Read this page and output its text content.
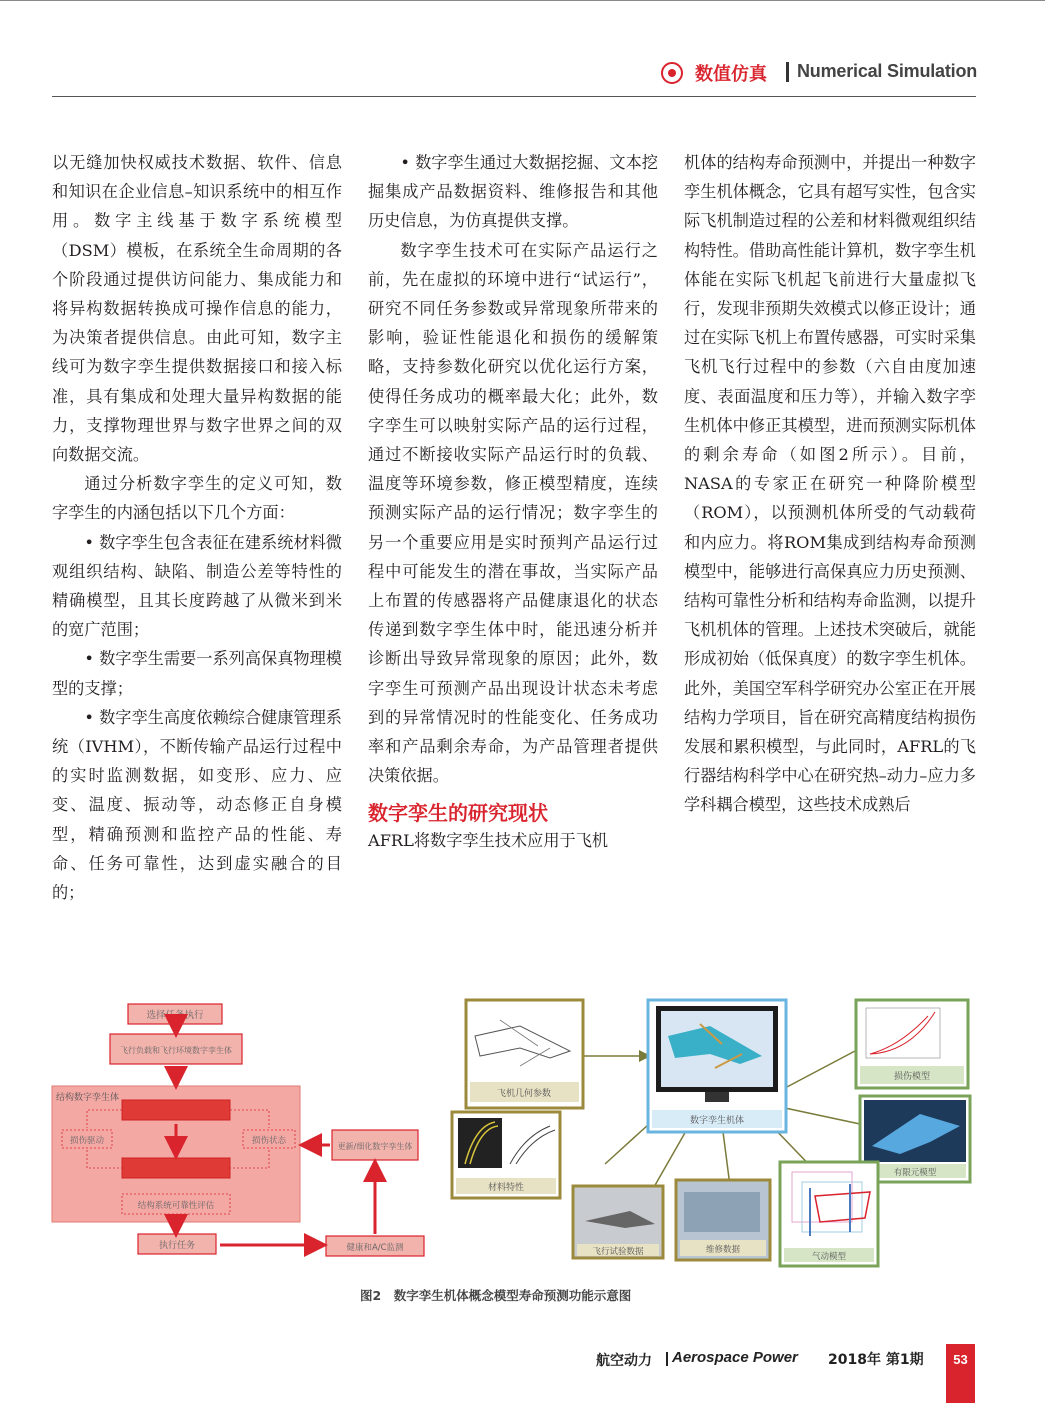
数值仿真 Numerical Simulation

以无缝加快权威技术数据、软件、信息和知识在企业信息–知识系统中的相互作用。数字主线基于数字系统模型（DSM）模板，在系统全生命周期的各个阶段通过提供访问能力、集成能力和将异构数据转换成可操作信息的能力，为决策者提供信息。由此可知，数字主线可为数字孪生提供数据接口和接入标准，具有集成和处理大量异构数据的能力，支撑物理世界与数字世界之间的双向数据交流。

通过分析数字孪生的定义可知，数字孪生的内涵包括以下几个方面：

• 数字孪生包含表征在建系统材料微观组织结构、缺陷、制造公差等特性的精确模型，且其长度跨越了从微米到米的宽广范围；

• 数字孪生需要一系列高保真物理模型的支撑；

• 数字孪生高度依赖综合健康管理系统（IVHM），不断传输产品运行过程中的实时监测数据，如变形、应力、应变、温度、振动等，动态修正自身模型，精确预测和监控产品的性能、寿命、任务可靠性，达到虚实融合的目的；

• 数字孪生通过大数据挖掘、文本挖掘集成产品数据资料、维修报告和其他历史信息，为仿真提供支撑。

数字孪生技术可在实际产品运行之前，先在虚拟的环境中进行“试运行”，研究不同任务参数或异常现象所带来的影响，验证性能退化和损伤的缓解策略，支持参数化研究以优化运行方案，使得任务成功的概率最大化；此外，数字孪生可以映射实际产品的运行过程，通过不断接收实际产品运行时的负载、温度等环境参数，修正模型精度，连续预测实际产品的运行情况；数字孪生的另一个重要应用是实时预判产品运行过程中可能发生的潜在事故，当实际产品上布置的传感器将产品健康退化的状态传递到数字孪生体中时，能迅速分析并诊断出导致异常现象的原因；此外，数字孪生可预测产品出现设计状态未考虑到的异常情况时的性能变化、任务成功率和产品剩余寿命，为产品管理者提供决策依据。

数字孪生的研究现状

AFRL将数字孪生技术应用于飞机

机体的结构寿命预测中，并提出一种数字孪生机体概念，它具有超写实性，包含实际飞机制造过程的公差和材料微观组织结构特性。借助高性能计算机，数字孪生机体能在实际飞机起飞前进行大量虚拟飞行，发现非预期失效模式以修正设计；通过在实际飞机上布置传感器，可实时采集飞机飞行过程中的参数（六自由度加速度、表面温度和压力等），并输入数字孪生机体中修正其模型，进而预测实际机体的剩余寿命（如图2所示）。目前，NASA的专家正在研究一种降阶模型（ROM），以预测机体所受的气动载荷和内应力。将ROM集成到结构寿命预测模型中，能够进行高保真应力历史预测、结构可靠性分析和结构寿命监测，以提升飞机机体的管理。上述技术突破后，就能形成初始（低保真度）的数字孪生机体。此外，美国空军科学研究办公室正在开展结构力学项目，旨在研究高精度结构损伤发展和累积模型，与此同时，AFRL的飞行器结构科学中心在研究热–动力–应力多学科耦合模型，这些技术成熟后

选择任务执行
飞行负载和飞行环境数字孪生体
结构数字孪生体
损伤驱动	损伤状态
结构系统可靠性评估
更新/细化数字孪生体
执行任务	健康和A/C监测
飞机几何参数
材料特性
飞行试验数据	维修数据
数字孪生机体
损伤模型
有限元模型
气动模型
图2　数字孪生机体概念模型寿命预测功能示意图
航空动力 Aerospace Power 2018年 第1期	53
